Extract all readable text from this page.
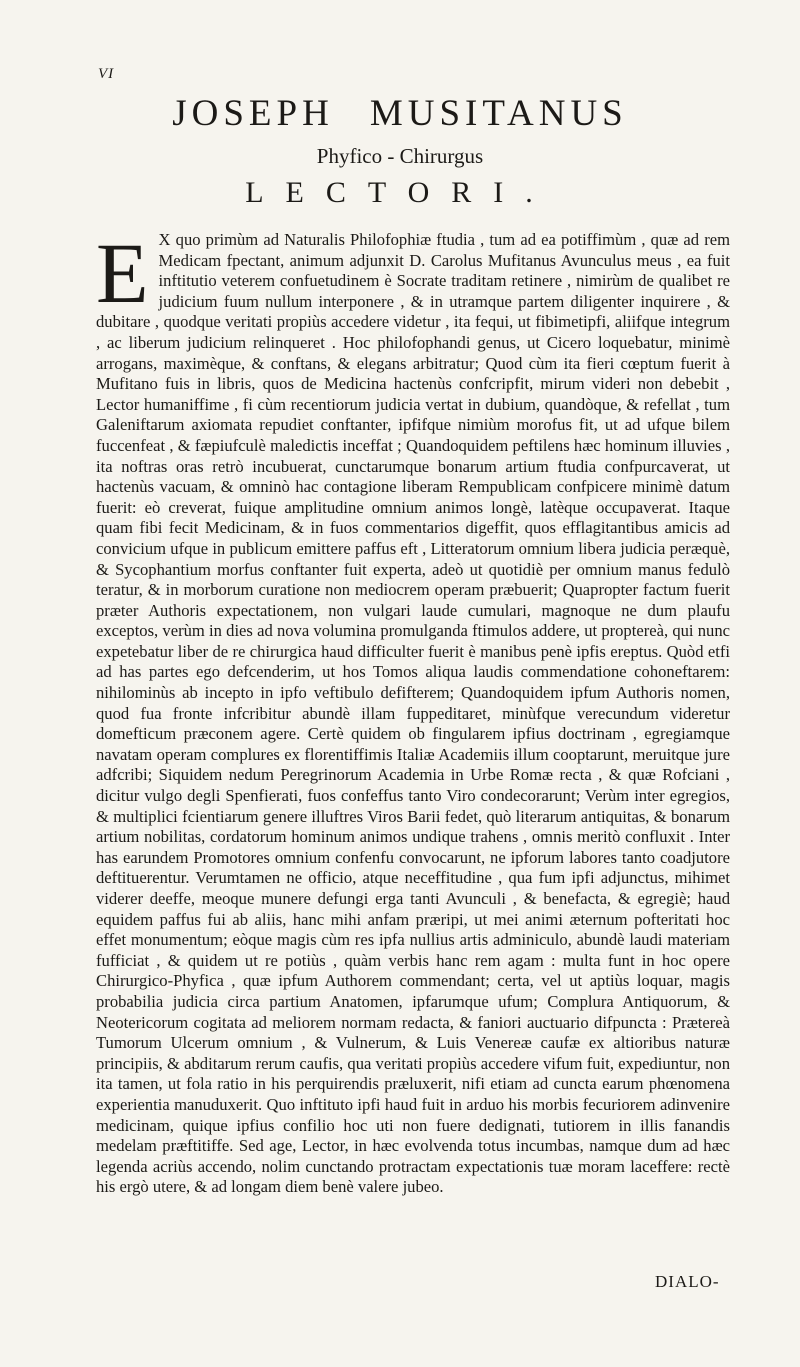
VI
JOSEPH MUSITANUS
Phyfico - Chirurgus
LECTORI.
E X quo primùm ad Naturalis Philofophiæ ftudia , tum ad ea potiffimùm , quæ ad rem Medicam fpectant, animum adjunxit D. Carolus Mufitanus Avunculus meus , ea fuit inftitutio veterem confuetudinem è Socrate traditam retinere , nimirùm de qualibet re judicium fuum nullum interponere , & in utramque partem diligenter inquirere , & dubitare , quodque veritati propiùs accedere videtur , ita fequi, ut fibimetipfi, aliifque integrum , ac liberum judicium relinqueret . Hoc philofophandi genus, ut Cicero loquebatur, minimè arrogans, maximèque, & conftans, & elegans arbitratur; Quod cùm ita fieri cœptum fuerit à Mufitano fuis in libris, quos de Medicina hactenùs confcripfit, mirum videri non debebit , Lector humaniffime , fi cùm recentiorum judicia vertat in dubium, quandòque, & refellat , tum Galeniftarum axiomata repudiet conftanter, ipfifque nimiùm morofus fit, ut ad ufque bilem fuccenfeat , & fæpiufculè maledictis inceffat ; Quandoquidem peftilens hæc hominum illuvies , ita noftras oras retrò incubuerat, cunctarumque bonarum artium ftudia confpurcaverat, ut hactenùs vacuam, & omninò hac contagione liberam Rempublicam confpicere minimè datum fuerit: eò creverat, fuique amplitudine omnium animos longè, latèque occupaverat. Itaque quam fibi fecit Medicinam, & in fuos commentarios digeffit, quos efflagitantibus amicis ad convicium ufque in publicum emittere paffus eft , Litteratorum omnium libera judicia peræquè, & Sycophantium morfus conftanter fuit experta, adeò ut quotidiè per omnium manus fedulò teratur, & in morborum curatione non mediocrem operam præbuerit; Quapropter factum fuerit præter Authoris expectationem, non vulgari laude cumulari, magnoque ne dum plaufu exceptos, verùm in dies ad nova volumina promulganda ftimulos addere, ut proptereà, qui nunc expetebatur liber de re chirurgica haud difficulter fuerit è manibus penè ipfis ereptus. Quòd etfi ad has partes ego defcenderim, ut hos Tomos aliqua laudis commendatione cohoneftarem: nihilominùs ab incepto in ipfo veftibulo defifterem; Quandoquidem ipfum Authoris nomen, quod fua fronte infcribitur abundè illam fuppeditaret, minùfque verecundum videretur domefticum præconem agere. Certè quidem ob fingularem ipfius doctrinam , egregiamque navatam operam complures ex florentiffimis Italiæ Academiis illum cooptarunt, meruitque jure adfcribi; Siquidem nedum Peregrinorum Academia in Urbe Romæ recta , & quæ Rofciani , dicitur vulgo degli Spenfierati, fuos confeffus tanto Viro condecorarunt; Verùm inter egregios, & multiplici fcientiarum genere illuftres Viros Barii fedet, quò literarum antiquitas, & bonarum artium nobilitas, cordatorum hominum animos undique trahens , omnis meritò confluxit . Inter has earundem Promotores omnium confenfu convocarunt, ne ipforum labores tanto coadjutore deftituerentur. Verumtamen ne officio, atque neceffitudine , qua fum ipfi adjunctus, mihimet viderer deeffe, meoque munere defungi erga tanti Avunculi , & benefacta, & egregiè; haud equidem paffus fui ab aliis, hanc mihi anfam præripi, ut mei animi æternum pofteritati hoc effet monumentum; eòque magis cùm res ipfa nullius artis adminiculo, abundè laudi materiam fufficiat , & quidem ut re potiùs , quàm verbis hanc rem agam : multa funt in hoc opere Chirurgico-Phyfica , quæ ipfum Authorem commendant; certa, vel ut aptiùs loquar, magis probabilia judicia circa partium Anatomen, ipfarumque ufum; Complura Antiquorum, & Neotericorum cogitata ad meliorem normam redacta, & faniori auctuario difpuncta : Prætereà Tumorum Ulcerum omnium , & Vulnerum, & Luis Venereæ caufæ ex altioribus naturæ principiis, & abditarum rerum caufis, qua veritati propiùs accedere vifum fuit, expediuntur, non ita tamen, ut fola ratio in his perquirendis præluxerit, nifi etiam ad cuncta earum phœnomena experientia manuduxerit. Quo inftituto ipfi haud fuit in arduo his morbis fecuriorem adinvenire medicinam, quique ipfius confilio hoc uti non fuere dedignati, tutiorem in illis fanandis medelam præftitiffe. Sed age, Lector, in hæc evolvenda totus incumbas, namque dum ad hæc legenda acriùs accendo, nolim cunctando protractam expectationis tuæ moram laceffere: rectè his ergò utere, & ad longam diem benè valere jubeo.

DIALO-
